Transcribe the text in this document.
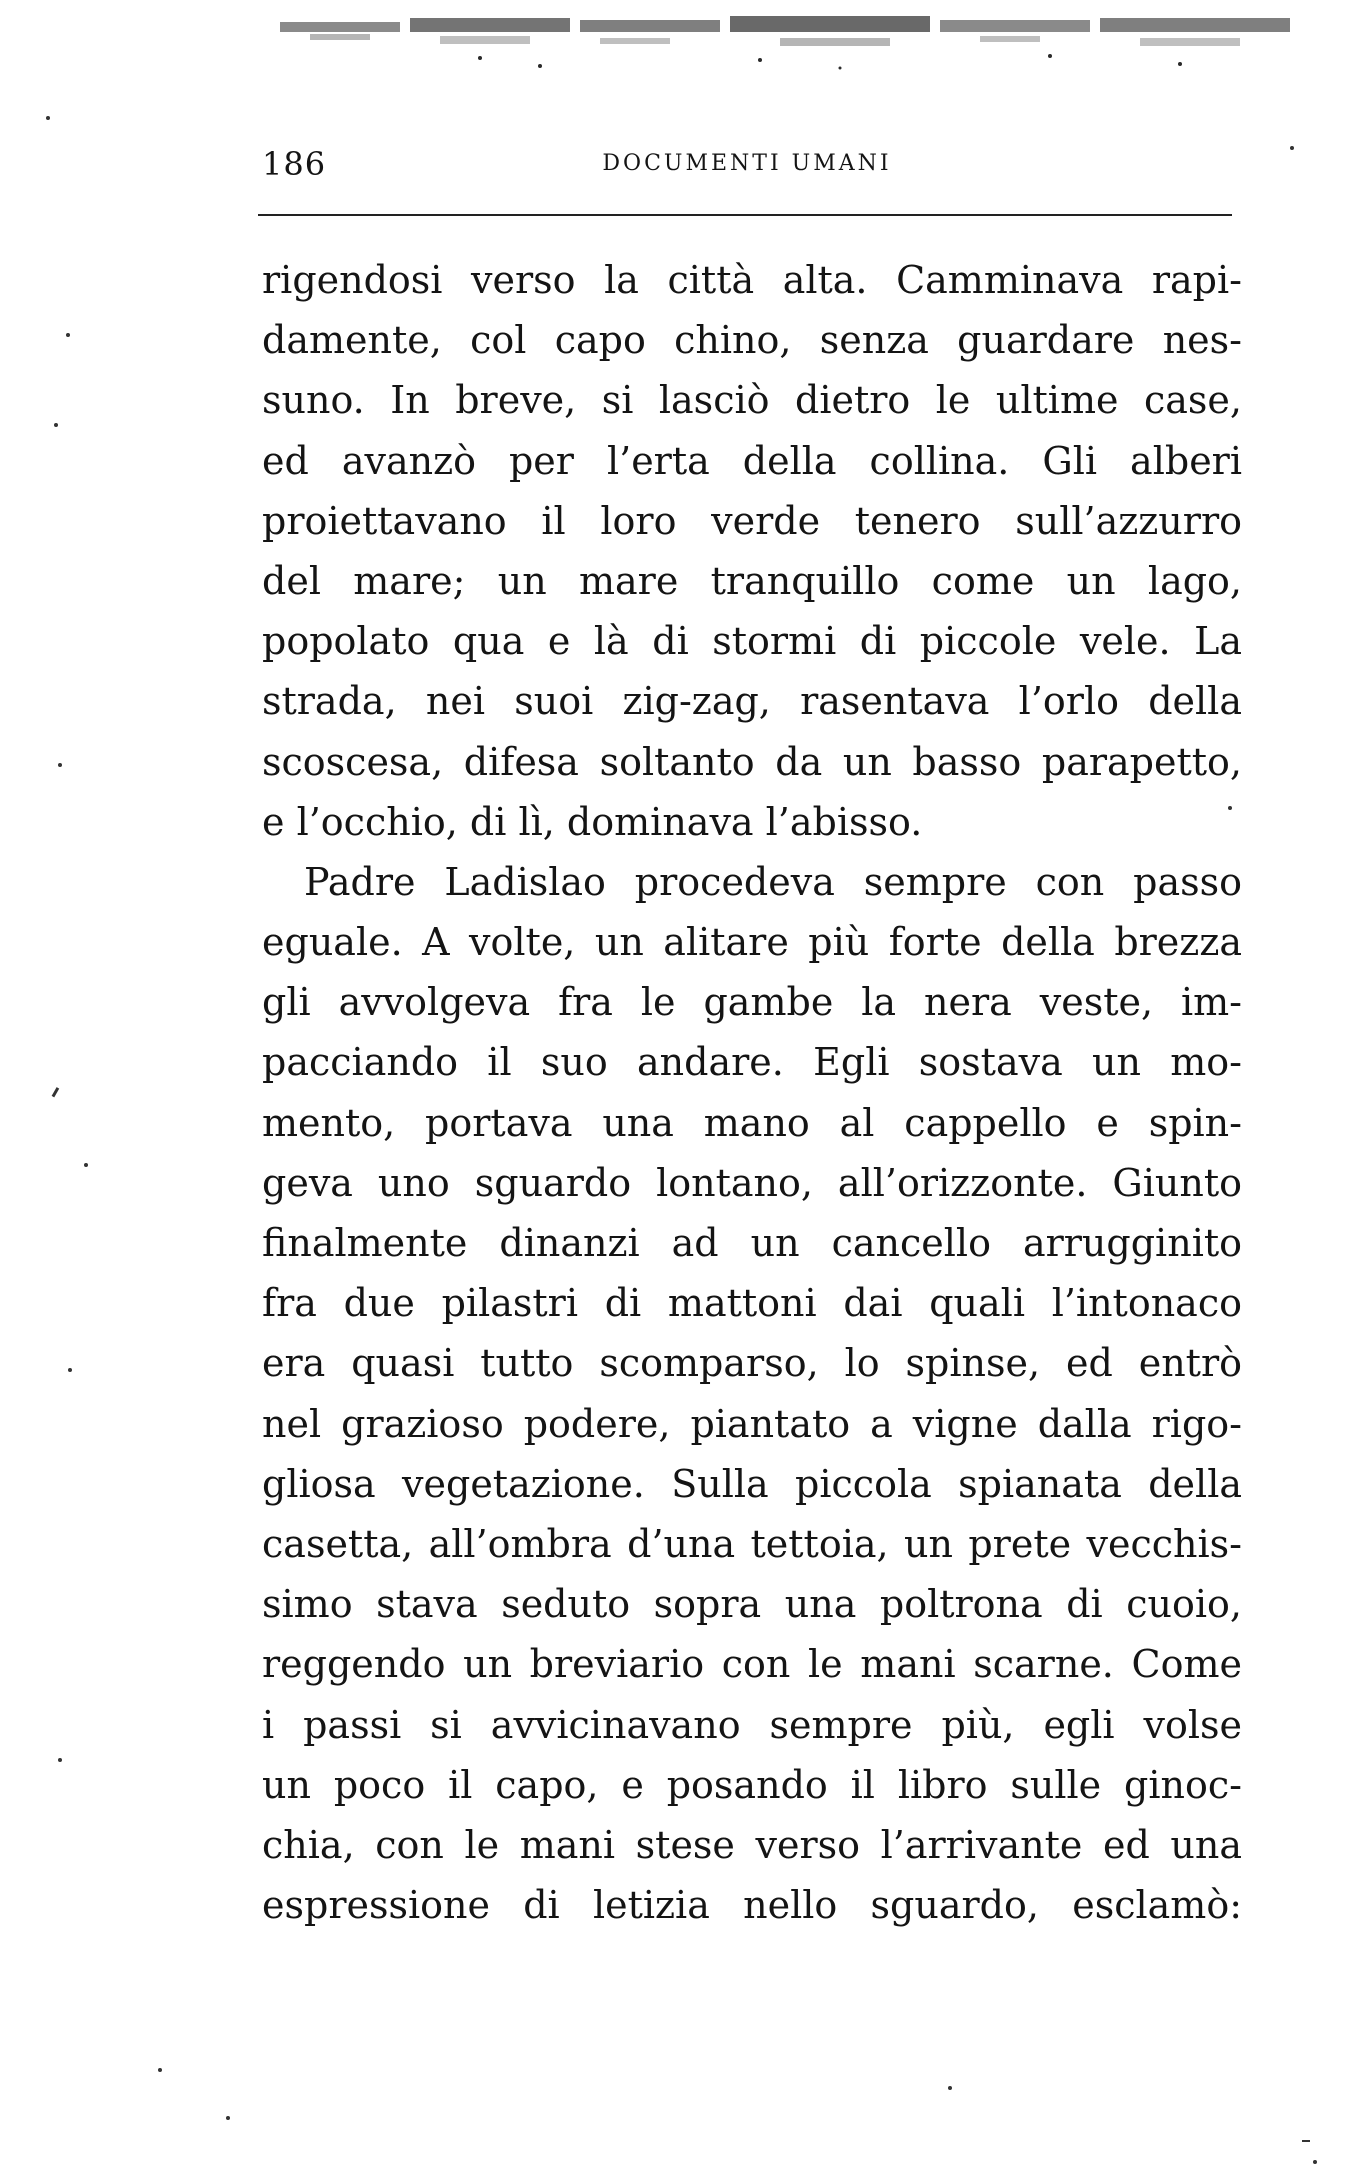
186	DOCUMENTI UMANI
rigendosi verso la città alta. Camminava rapi-
damente, col capo chino, senza guardare nes-
suno. In breve, si lasciò dietro le ultime case,
ed avanzò per l’erta della collina. Gli alberi
proiettavano il loro verde tenero sull’azzurro
del mare; un mare tranquillo come un lago,
popolato qua e là di stormi di piccole vele. La
strada, nei suoi zig-zag, rasentava l’orlo della
scoscesa, difesa soltanto da un basso parapetto,
e l’occhio, di lì, dominava l’abisso.
Padre Ladislao procedeva sempre con passo
eguale. A volte, un alitare più forte della brezza
gli avvolgeva fra le gambe la nera veste, im-
pacciando il suo andare. Egli sostava un mo-
mento, portava una mano al cappello e spin-
geva uno sguardo lontano, all’orizzonte. Giunto
finalmente dinanzi ad un cancello arrugginito
fra due pilastri di mattoni dai quali l’intonaco
era quasi tutto scomparso, lo spinse, ed entrò
nel grazioso podere, piantato a vigne dalla rigo-
gliosa vegetazione. Sulla piccola spianata della
casetta, all’ombra d’una tettoia, un prete vecchis-
simo stava seduto sopra una poltrona di cuoio,
reggendo un breviario con le mani scarne. Come
i passi si avvicinavano sempre più, egli volse
un poco il capo, e posando il libro sulle ginoc-
chia, con le mani stese verso l’arrivante ed una
espressione di letizia nello sguardo, esclamò:
